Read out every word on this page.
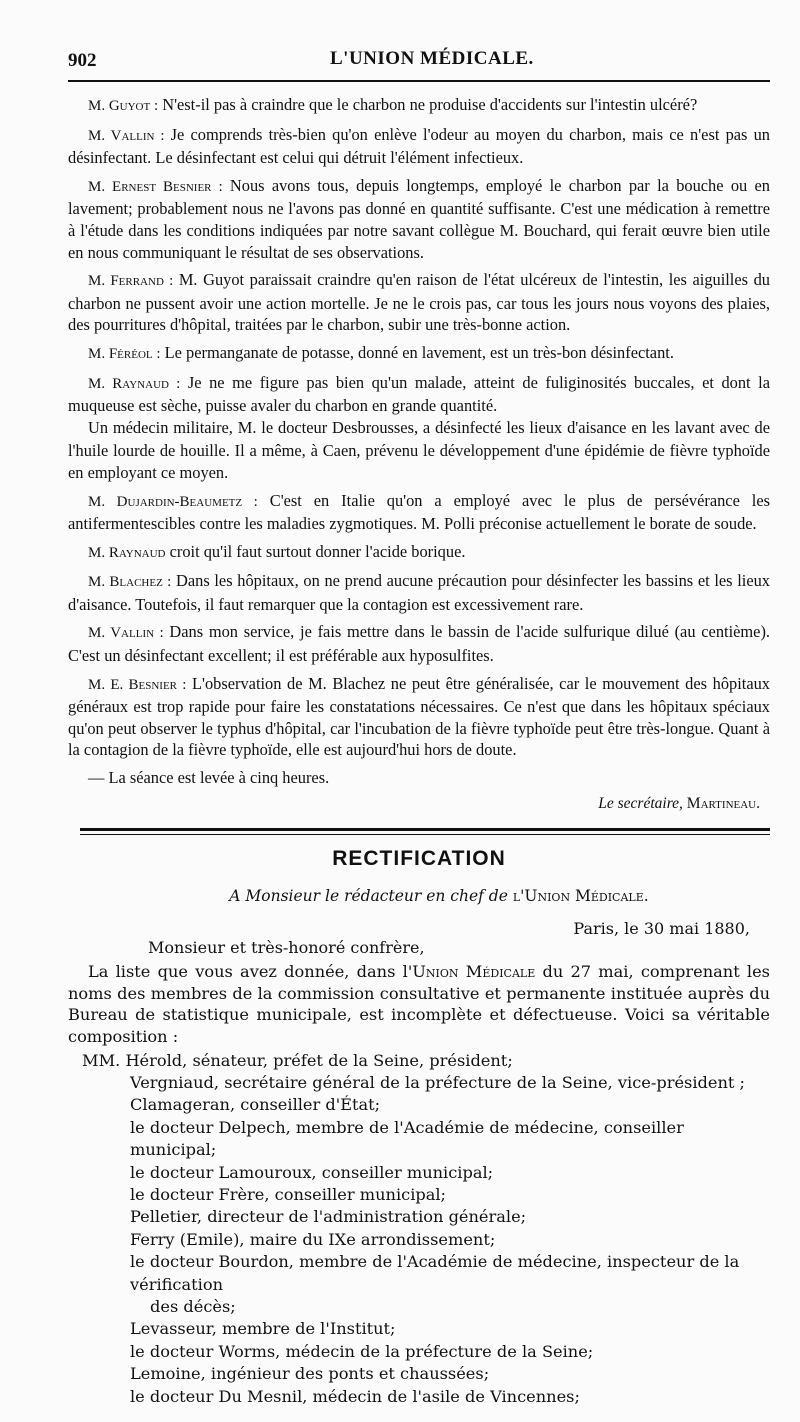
902	L'UNION MÉDICALE.

M. Guyot : N'est-il pas à craindre que le charbon ne produise d'accidents sur l'intestin ulcéré?

M. Vallin : Je comprends très-bien qu'on enlève l'odeur au moyen du charbon, mais ce n'est pas un désinfectant. Le désinfectant est celui qui détruit l'élément infectieux.

M. Ernest Besnier : Nous avons tous, depuis longtemps, employé le charbon par la bouche ou en lavement; probablement nous ne l'avons pas donné en quantité suffisante. C'est une médication à remettre à l'étude dans les conditions indiquées par notre savant collègue M. Bouchard, qui ferait œuvre bien utile en nous communiquant le résultat de ses observations.

M. Ferrand : M. Guyot paraissait craindre qu'en raison de l'état ulcéreux de l'intestin, les aiguilles du charbon ne pussent avoir une action mortelle. Je ne le crois pas, car tous les jours nous voyons des plaies, des pourritures d'hôpital, traitées par le charbon, subir une très-bonne action.

M. Féréol : Le permanganate de potasse, donné en lavement, est un très-bon désinfectant.

M. Raynaud : Je ne me figure pas bien qu'un malade, atteint de fuliginosités buccales, et dont la muqueuse est sèche, puisse avaler du charbon en grande quantité.

Un médecin militaire, M. le docteur Desbrousses, a désinfecté les lieux d'aisance en les lavant avec de l'huile lourde de houille. Il a même, à Caen, prévenu le développement d'une épidémie de fièvre typhoïde en employant ce moyen.

M. Dujardin-Beaumetz : C'est en Italie qu'on a employé avec le plus de persévérance les antifermentescibles contre les maladies zygmotiques. M. Polli préconise actuellement le borate de soude.

M. Raynaud croit qu'il faut surtout donner l'acide borique.

M. Blachez : Dans les hôpitaux, on ne prend aucune précaution pour désinfecter les bassins et les lieux d'aisance. Toutefois, il faut remarquer que la contagion est excessivement rare.

M. Vallin : Dans mon service, je fais mettre dans le bassin de l'acide sulfurique dilué (au centième). C'est un désinfectant excellent; il est préférable aux hyposulfites.

M. E. Besnier : L'observation de M. Blachez ne peut être généralisée, car le mouvement des hôpitaux généraux est trop rapide pour faire les constatations nécessaires. Ce n'est que dans les hôpitaux spéciaux qu'on peut observer le typhus d'hôpital, car l'incubation de la fièvre typhoïde peut être très-longue. Quant à la contagion de la fièvre typhoïde, elle est aujourd'hui hors de doute.

— La séance est levée à cinq heures.

Le secrétaire, Martineau.
RECTIFICATION
A Monsieur le rédacteur en chef de l'Union Médicale.
Paris, le 30 mai 1880,
Monsieur et très-honoré confrère,

La liste que vous avez donnée, dans l'Union Médicale du 27 mai, comprenant les noms des membres de la commission consultative et permanente instituée auprès du Bureau de statistique municipale, est incomplète et défectueuse. Voici sa véritable composition :

MM. Hérold, sénateur, préfet de la Seine, président;
Vergniaud, secrétaire général de la préfecture de la Seine, vice-président ;
Clamageran, conseiller d'État;
le docteur Delpech, membre de l'Académie de médecine, conseiller municipal;
le docteur Lamouroux, conseiller municipal;
le docteur Frère, conseiller municipal;
Pelletier, directeur de l'administration générale;
Ferry (Emile), maire du IXe arrondissement;
le docteur Bourdon, membre de l'Académie de médecine, inspecteur de la vérification
des décès;
Levasseur, membre de l'Institut;
le docteur Worms, médecin de la préfecture de la Seine;
Lemoine, ingénieur des ponts et chaussées;
le docteur Du Mesnil, médecin de l'asile de Vincennes;
